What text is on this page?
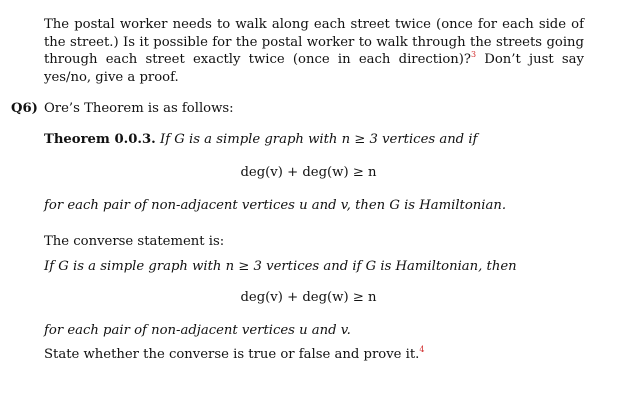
The postal worker needs to walk along each street twice (once for each side of the street.) Is it possible for the postal worker to walk through the streets going through each street exactly twice (once in each direction)?$^3$ Don’t just say yes/no, give a proof.
Q6) Ore’s Theorem is as follows:
Theorem 0.0.3. If G is a simple graph with n ≥ 3 vertices and if
deg(v) + deg(w) ≥ n
for each pair of non-adjacent vertices u and v, then G is Hamiltonian.
The converse statement is:
If G is a simple graph with n ≥ 3 vertices and if G is Hamiltonian, then
deg(v) + deg(w) ≥ n
for each pair of non-adjacent vertices u and v.
State whether the converse is true or false and prove it.$^4$
